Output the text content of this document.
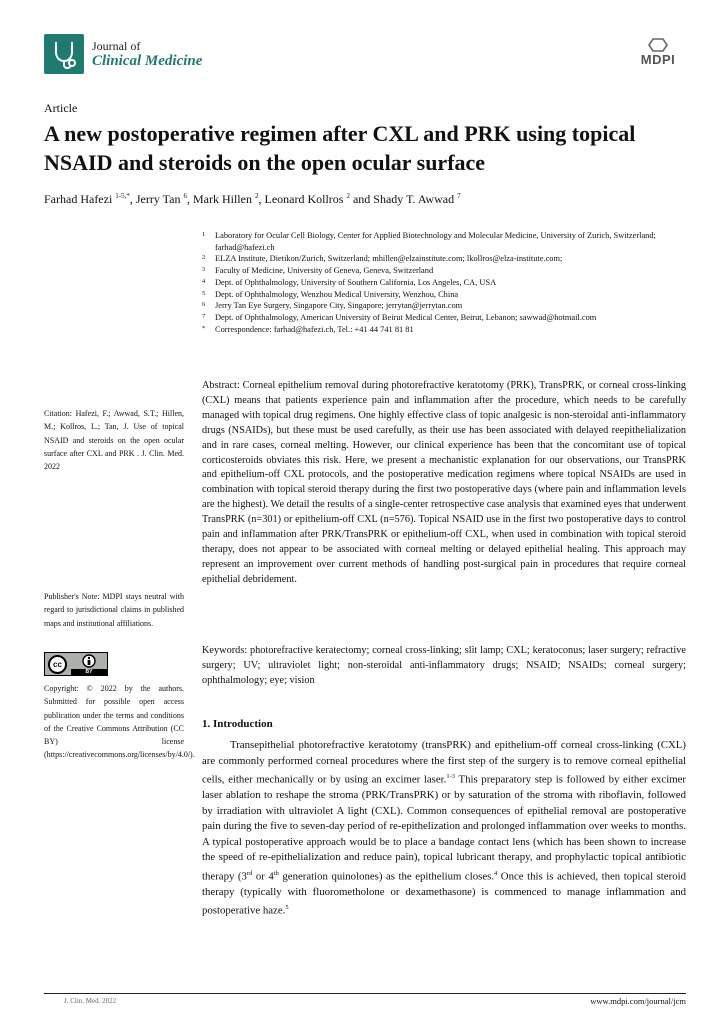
Journal of
Clinical Medicine	MDPI
Article
A new postoperative regimen after CXL and PRK using topical NSAID and steroids on the open ocular surface
Farhad Hafezi $^{1-5,*}$, Jerry Tan $^6$, Mark Hillen $^2$, Leonard Kollros $^2$ and Shady T. Awwad $^7$
1 Laboratory for Ocular Cell Biology, Center for Applied Biotechnology and Molecular Medicine, University of Zurich, Switzerland; farhad@hafezi.ch
2 ELZA Institute, Dietikon/Zurich, Switzerland; mhillen@elzainstitute.com; lkollros@elza-institute.com;
3 Faculty of Medicine, University of Geneva, Geneva, Switzerland
4 Dept. of Ophthalmology, University of Southern California, Los Angeles, CA, USA
5 Dept. of Ophthalmology, Wenzhou Medical University, Wenzhou, China
6 Jerry Tan Eye Surgery, Singapore City, Singapore; jerrytan@jerrytan.com
7 Dept. of Ophthalmology, American University of Beirut Medical Center, Beirut, Lebanon; sawwad@hotmail.com
* Correspondence: farhad@hafezi.ch, Tel.: +41 44 741 81 81
Abstract: Corneal epithelium removal during photorefractive keratotomy (PRK), TransPRK, or corneal cross-linking (CXL) means that patients experience pain and inflammation after the procedure, which needs to be carefully managed with topical drug regimens. One highly effective class of topic analgesic is non-steroidal anti-inflammatory drugs (NSAIDs), but these must be used carefully, as their use has been associated with delayed reepithelialization and in rare cases, corneal melting. However, our clinical experience has been that the concomitant use of topical corticosteroids obviates this risk. Here, we present a mechanistic explanation for our observations, our TransPRK and epithelium-off CXL protocols, and the postoperative medication regimens where topical NSAIDs are used in combination with topical steroid therapy during the first two postoperative days (where pain and inflammation levels are the highest). We detail the results of a single-center retrospective case analysis that examined eyes that underwent TransPRK (n=301) or epithelium-off CXL (n=576). Topical NSAID use in the first two postoperative days to control pain and inflammation after PRK/TransPRK or epithelium-off CXL, when used in combination with topical steroid therapy, does not appear to be associated with corneal melting or delayed epithelial healing. This approach may represent an improvement over current methods of handling post-surgical pain in procedures that require corneal epithelial debridement.
Keywords: photorefractive keratectomy; corneal cross-linking; slit lamp; CXL; keratoconus; laser surgery; refractive surgery; UV; ultraviolet light; non-steroidal anti-inflammatory drugs; NSAID; NSAIDs; corneal surgery; ophthalmology; eye; vision
Citation: Hafezi, F.; Awwad, S.T.; Hillen, M.; Kollros, L.; Tan, J. Use of topical NSAID and steroids on the open ocular surface after CXL and PRK . J. Clin. Med. 2022
Publisher's Note: MDPI stays neutral with regard to jurisdictional claims in published maps and institutional affiliations.
cc
BY
Copyright: © 2022 by the authors. Submitted for possible open access publication under the terms and conditions of the Creative Commons Attribution (CC BY) license (https://creativecommons.org/licenses/by/4.0/).
1. Introduction
Transepithelial photorefractive keratotomy (transPRK) and epithelium-off corneal cross-linking (CXL) are commonly performed corneal procedures where the first step of the surgery is to remove corneal epithelial cells, either mechanically or by using an excimer laser.$^{1-3}$ This preparatory step is followed by either excimer laser ablation to reshape the stroma (PRK/TransPRK) or by saturation of the stroma with riboflavin, followed by irradiation with ultraviolet A light (CXL). Common consequences of epithelial removal are postoperative pain during the five to seven-day period of re-epithelization and prolonged inflammation over weeks to months. A typical postoperative approach would be to place a bandage contact lens (which has been shown to increase the speed of re-epithelialization and reduce pain), topical lubricant therapy, and prophylactic topical antibiotic therapy (3rd or 4th generation quinolones) as the epithelium closes.$^4$ Once this is achieved, then topical steroid therapy (typically with fluorometholone or dexamethasone) is commenced to manage inflammation and postoperative haze.$^5$
J. Clin. Med. 2022	www.mdpi.com/journal/jcm
